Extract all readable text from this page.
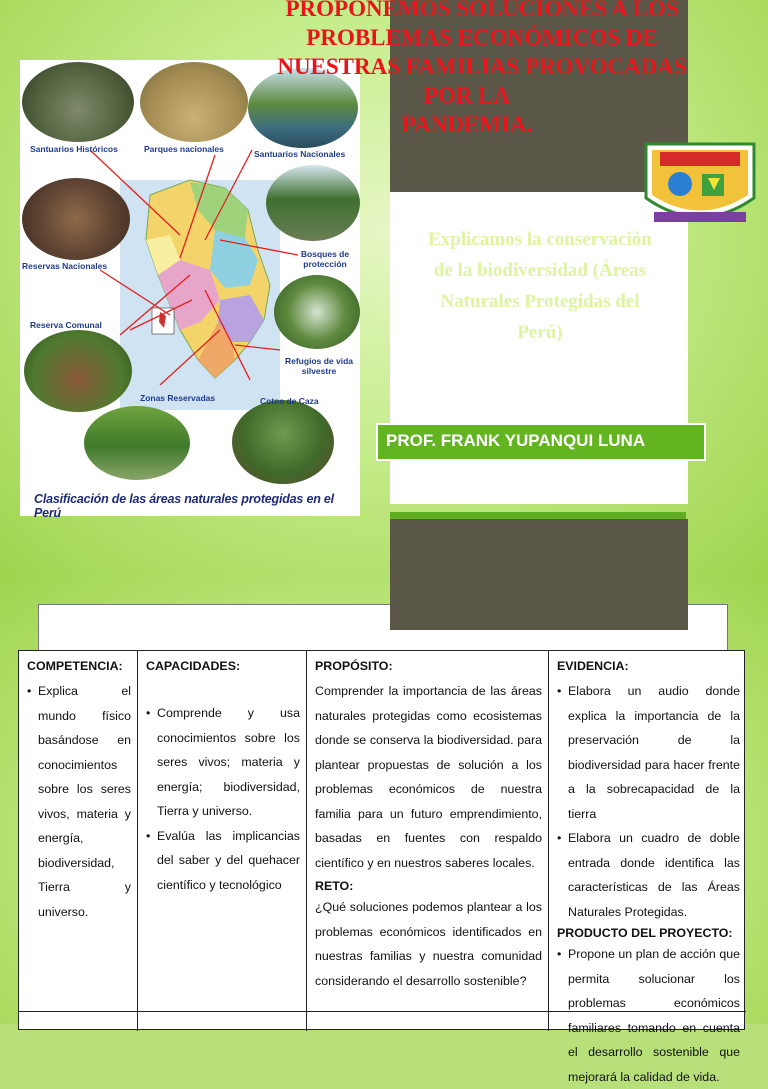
Santuarios Históricos	Parques nacionales	Santuarios Nacionales
Reservas Nacionales
Bosques de protección
Reserva Comunal
Refugios de vida silvestre
Zonas Reservadas	Cotos de Caza
Clasificación de las áreas naturales protegidas en el Perú
PROPONEMOS SOLUCIONES A LOS
PROBLEMAS ECONÓMICOS DE
NUESTRAS FAMILIAS PROVOCADAS
POR LA
PANDEMIA.
Explicamos la conservación de la biodiversidad (Áreas Naturales Protegidas del Perú)
PROF. FRANK YUPANQUI LUNA
COMPETENCIA:
• Explica el mundo físico basándose en conocimientos sobre los seres vivos, materia y energía, biodiversidad, Tierra y universo.
CAPACIDADES:
• Comprende y usa conocimientos sobre los seres vivos; materia y energía; biodiversidad, Tierra y universo.
• Evalúa las implicancias del saber y del quehacer científico y tecnológico
PROPÓSITO:
Comprender la importancia de las áreas naturales protegidas como ecosistemas donde se conserva la biodiversidad. para plantear propuestas de solución a los problemas económicos de nuestra familia para un futuro emprendimiento, basadas en fuentes con respaldo científico y en nuestros saberes locales.
RETO:
¿Qué soluciones podemos plantear a los problemas económicos identificados en nuestras familias y nuestra comunidad considerando el desarrollo sostenible?
EVIDENCIA:
• Elabora un audio donde explica la importancia de la preservación de la biodiversidad para hacer frente a la sobrecapacidad de la tierra
• Elabora un cuadro de doble entrada donde identifica las características de las Áreas Naturales Protegidas.
PRODUCTO DEL PROYECTO:
• Propone un plan de acción que permita solucionar los problemas económicos familiares tomando en cuenta el desarrollo sostenible que mejorará la calidad de vida.
